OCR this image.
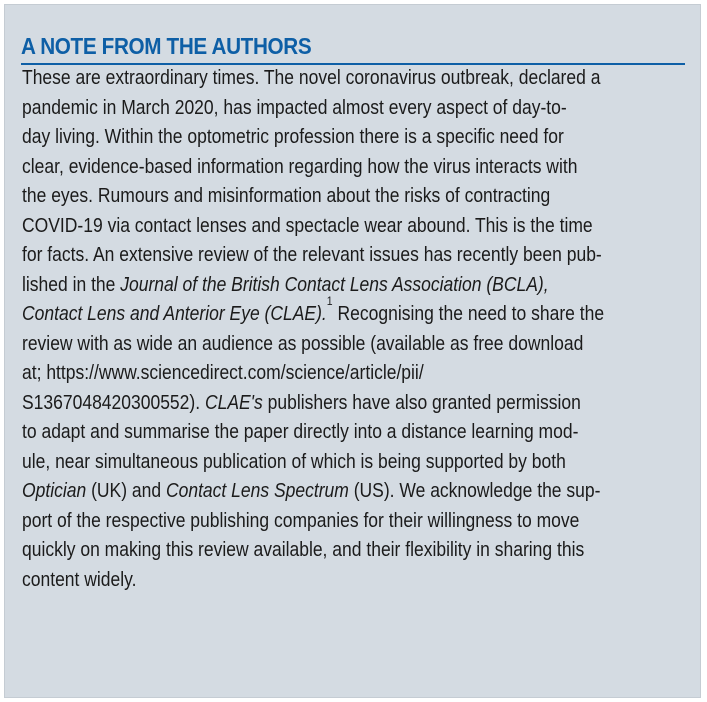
A NOTE FROM THE AUTHORS
These are extraordinary times. The novel coronavirus outbreak, declared a
pandemic in March 2020, has impacted almost every aspect of day-to-
day living. Within the optometric profession there is a specific need for
clear, evidence-based information regarding how the virus interacts with
the eyes. Rumours and misinformation about the risks of contracting
COVID-19 via contact lenses and spectacle wear abound. This is the time
for facts. An extensive review of the relevant issues has recently been pub-
lished in the Journal of the British Contact Lens Association (BCLA),
Contact Lens and Anterior Eye (CLAE).$^1$ Recognising the need to share the
review with as wide an audience as possible (available as free download
at; https://www.sciencedirect.com/science/article/pii/
S1367048420300552). CLAE's publishers have also granted permission
to adapt and summarise the paper directly into a distance learning mod-
ule, near simultaneous publication of which is being supported by both
Optician (UK) and Contact Lens Spectrum (US). We acknowledge the sup-
port of the respective publishing companies for their willingness to move
quickly on making this review available, and their flexibility in sharing this
content widely.
